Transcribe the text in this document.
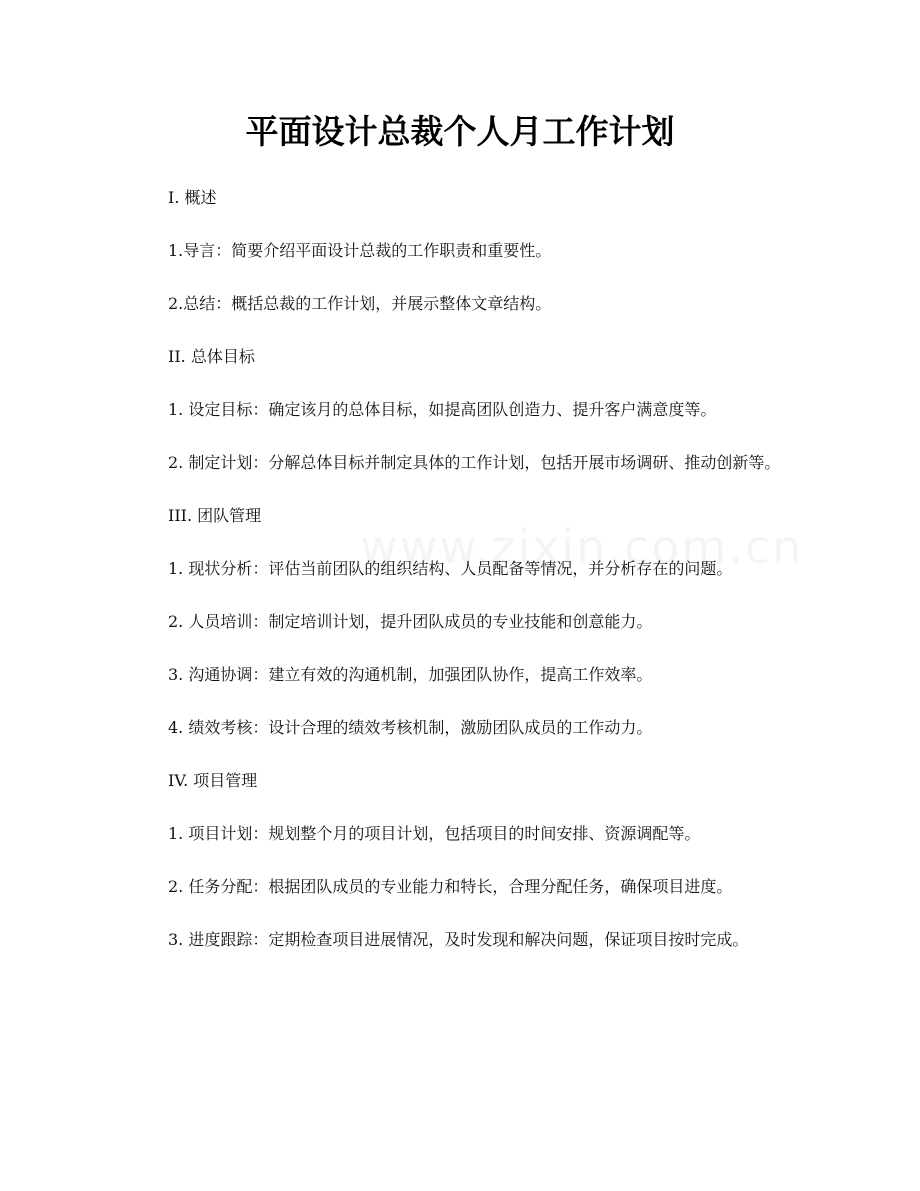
平面设计总裁个人月工作计划

I. 概述

1.导言：简要介绍平面设计总裁的工作职责和重要性。

2.总结：概括总裁的工作计划，并展示整体文章结构。

II. 总体目标

1. 设定目标：确定该月的总体目标，如提高团队创造力、提升客户满意度等。

2. 制定计划：分解总体目标并制定具体的工作计划，包括开展市场调研、推动创新等。

III. 团队管理

1. 现状分析：评估当前团队的组织结构、人员配备等情况，并分析存在的问题。

2. 人员培训：制定培训计划，提升团队成员的专业技能和创意能力。

3. 沟通协调：建立有效的沟通机制，加强团队协作，提高工作效率。

4. 绩效考核：设计合理的绩效考核机制，激励团队成员的工作动力。

IV. 项目管理

1. 项目计划：规划整个月的项目计划，包括项目的时间安排、资源调配等。

2. 任务分配：根据团队成员的专业能力和特长，合理分配任务，确保项目进度。

3. 进度跟踪：定期检查项目进展情况，及时发现和解决问题，保证项目按时完成。
